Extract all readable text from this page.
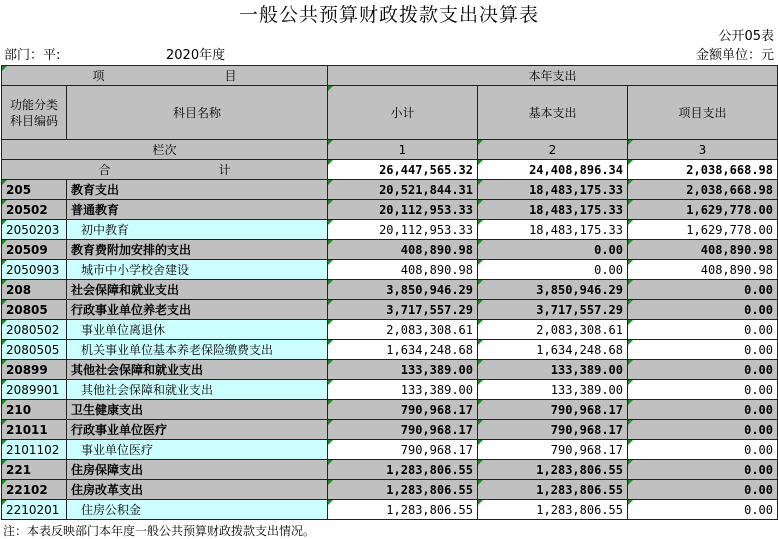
一般公共预算财政拨款支出决算表
公开05表
部门：平:	2020年度	金额单位：元
项　　　　　　　　　　目		本年支出		
功能分类
科目编码	科目名称	小计	基本支出	项目支出
栏次		1	2	3
合　　　　　　　　　计		26,447,565.32	24,408,896.34	2,038,668.98
205	教育支出	20,521,844.31	18,483,175.33	2,038,668.98
20502	普通教育	20,112,953.33	18,483,175.33	1,629,778.00
2050203	初中教育	20,112,953.33	18,483,175.33	1,629,778.00
20509	教育费附加安排的支出	408,890.98	0.00	408,890.98
2050903	城市中小学校舍建设	408,890.98	0.00	408,890.98
208	社会保障和就业支出	3,850,946.29	3,850,946.29	0.00
20805	行政事业单位养老支出	3,717,557.29	3,717,557.29	0.00
2080502	事业单位离退休	2,083,308.61	2,083,308.61	0.00
2080505	机关事业单位基本养老保险缴费支出	1,634,248.68	1,634,248.68	0.00
20899	其他社会保障和就业支出	133,389.00	133,389.00	0.00
2089901	其他社会保障和就业支出	133,389.00	133,389.00	0.00
210	卫生健康支出	790,968.17	790,968.17	0.00
21011	行政事业单位医疗	790,968.17	790,968.17	0.00
2101102	事业单位医疗	790,968.17	790,968.17	0.00
221	住房保障支出	1,283,806.55	1,283,806.55	0.00
22102	住房改革支出	1,283,806.55	1,283,806.55	0.00
2210201	住房公积金	1,283,806.55	1,283,806.55	0.00
注：本表反映部门本年度一般公共预算财政拨款支出情况。
